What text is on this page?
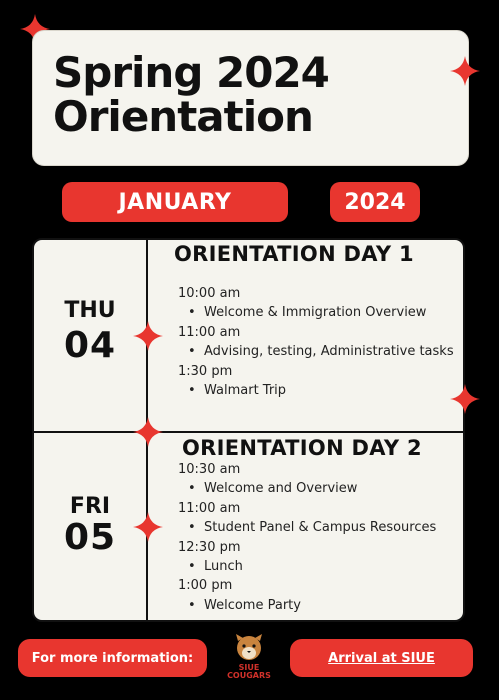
Spring 2024
Orientation
JANUARY	2024
THU
04
ORIENTATION DAY 1
10:00 am
• Welcome & Immigration Overview
11:00 am
• Advising, testing, Administrative tasks
1:30 pm
• Walmart Trip
FRI
05
ORIENTATION DAY 2
10:30 am
• Welcome and Overview
11:00 am
• Student Panel & Campus Resources
12:30 pm
• Lunch
1:00 pm
• Welcome Party
For more information:
SIUE
COUGARS
Arrival at SIUE
